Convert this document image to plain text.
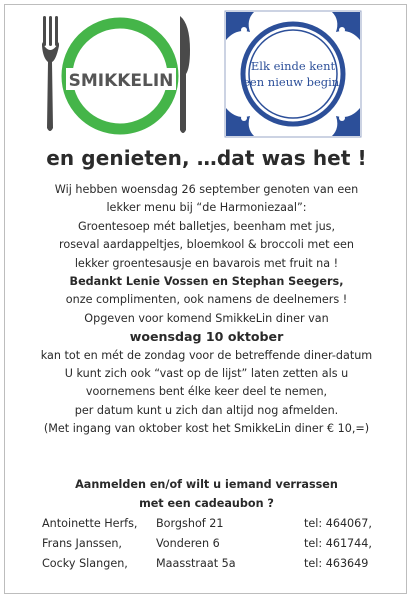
SMIKKELIN
Elk einde kent
een nieuw begin.
en genieten, …dat was het !

Wij hebben woensdag 26 september genoten van een

lekker menu bij “de Harmoniezaal”:

Groentesoep mét balletjes, beenham met jus,

roseval aardappeltjes, bloemkool & broccoli met een

lekker groentesausje en bavarois met fruit na !

Bedankt Lenie Vossen en Stephan Seegers,

onze complimenten, ook namens de deelnemers !

Opgeven voor komend SmikkeLin diner van

woensdag 10 oktober

kan tot en mét de zondag voor de betreffende diner-datum

U kunt zich ook “vast op de lijst” laten zetten als u

voornemens bent élke keer deel te nemen,

per datum kunt u zich dan altijd nog afmelden.

(Met ingang van oktober kost het SmikkeLin diner € 10,=)

Aanmelden en/of wilt u iemand verrassen

met een cadeaubon ?

Antoinette Herfs, Borgshof 21	tel: 464067,
Frans Janssen,	Vonderen 6	tel: 461744,
Cocky Slangen,	Maasstraat 5a	tel: 463649
